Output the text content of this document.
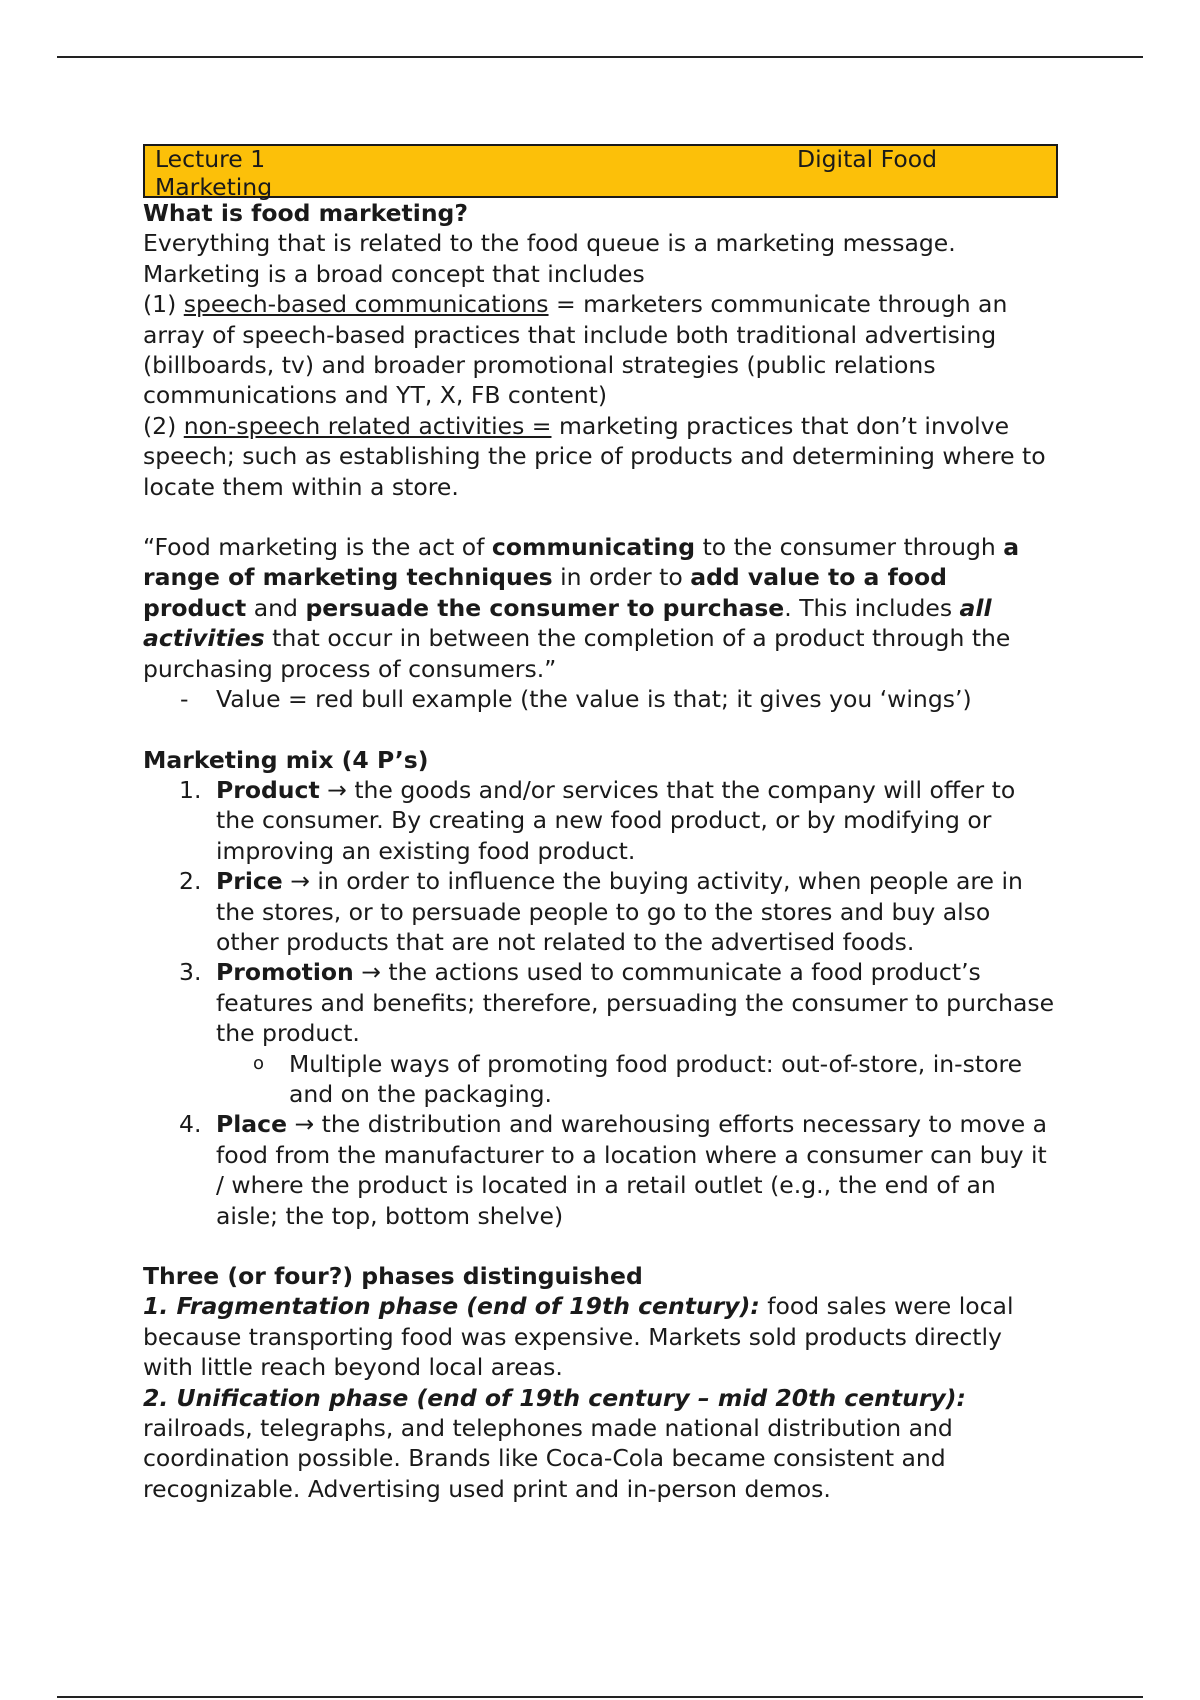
Lecture 1
Marketing
Digital Food

What is food marketing?

Everything that is related to the food queue is a marketing message.

Marketing is a broad concept that includes

(1) speech-based communications = marketers communicate through an array of speech-based practices that include both traditional advertising (billboards, tv) and broader promotional strategies (public relations communications and YT, X, FB content)

(2) non-speech related activities = marketing practices that don’t involve speech; such as establishing the price of products and determining where to locate them within a store.

“Food marketing is the act of communicating to the consumer through a range of marketing techniques in order to add value to a food product and persuade the consumer to purchase. This includes all activities that occur in between the completion of a product through the purchasing process of consumers.”

- Value = red bull example (the value is that; it gives you ‘wings’)

Marketing mix (4 P’s)

1. Product → the goods and/or services that the company will offer to the consumer. By creating a new food product, or by modifying or improving an existing food product.
2. Price → in order to influence the buying activity, when people are in the stores, or to persuade people to go to the stores and buy also other products that are not related to the advertised foods.
3. Promotion → the actions used to communicate a food product’s features and benefits; therefore, persuading the consumer to purchase the product.
o Multiple ways of promoting food product: out-of-store, in-store and on the packaging.
4. Place → the distribution and warehousing efforts necessary to move a food from the manufacturer to a location where a consumer can buy it / where the product is located in a retail outlet (e.g., the end of an aisle; the top, bottom shelve)

Three (or four?) phases distinguished

1. Fragmentation phase (end of 19th century): food sales were local because transporting food was expensive. Markets sold products directly with little reach beyond local areas.

2. Unification phase (end of 19th century – mid 20th century): railroads, telegraphs, and telephones made national distribution and coordination possible. Brands like Coca-Cola became consistent and recognizable. Advertising used print and in-person demos.
